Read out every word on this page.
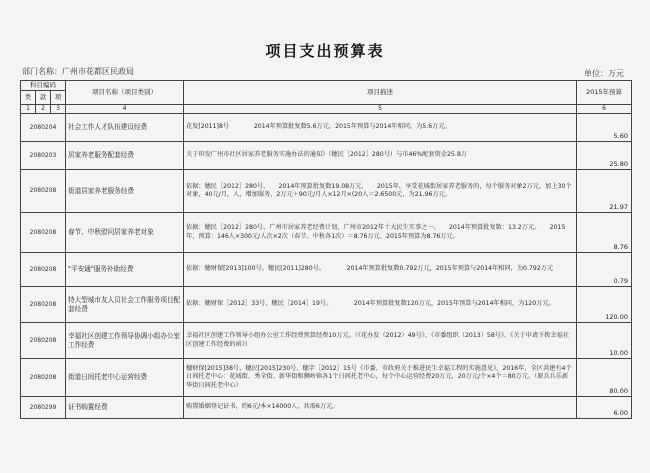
项目支出预算表
部门名称：广州市花都区民政局	单位：万元
科目编码			项目名称（项目类别）	项目描述	2015年预算
类	款	项			
1	2	3	4	5	6
2080204			社会工作人才队伍建设经费	花发[2011]8号　　　　2014年预算批复数5.6万元，2015年预算与2014年相同，为5.6万元。	5.60
2080203			居家养老服务配套经费	关于印发广州市社区居家养老服务实施办法的通知》（穗民［2012］280号）与市46%配套资金25.8万	25.80
2080208			街道居家养老服务经费	依据：穗民［2012］280号，　　2014年预算批复数19.08万元，　　2015年，享受花城街居家养老服务的，每个服务对象2万元，加上30个对象，40元/月，人，增加服务，2万元＋90元/月人×12月×(20人＝2.6500元，为21.96万元。	21.97
2080208			春节、中秋慰问居家养老对象	依据：穗民［2012］280号、广州市居家养老经费计划，广州市2012年十大民生实事之一。　　2014年预算批复数：13.2万元。　　2015年，预算：146人×300元/人次×2次（春节、中秋各1次）＝8.76万元，2015年预算为8.76万元。	8.76
2080208			"平安通"服务补助经费	依据：穗财保[2013]100号、穗民[2011]280号。　　　　2014年预算批复数0.792万元，2015年预算与2014年相同，为0.792万元	0.79
2080208			特大型城市友人员社会工作服务项目配套经费	依据：穗财保［2012］33号、穗民［2014］19号。　　　　2014年预算批复数120万元，2015年预算与2014年相同，为120万元。	120.00
2080208			幸福社区创建工作领导协调小组办公室工作经费	幸福社区创建工作领导小组办公室工作经费预算经费10万元。（《花办发（2012）49号》、《市委组织（2013）58号》、《关于申请下拨幸福社区创建工作经费的函》）	10.00
2080208			街道日间托老中心运营经费	穗财保[2015]38号、穗民[2015]230号、穗字［2012］15号《市委、市政府关于推进民生幸福工程的实施意见》，2016年，全区共建有4个日间托老中心：花城街、秀全街、新华街和狮岭镇各1个日间托老中心，每个中心运营经费20万元，20万元/个×4个＝80万元。（原兵兵乐新华街日间托老中心）	80.00
2080299			证书购置经费	购置婚姻登记证书，约6元/本×14000人，共需6万元。	6.00
